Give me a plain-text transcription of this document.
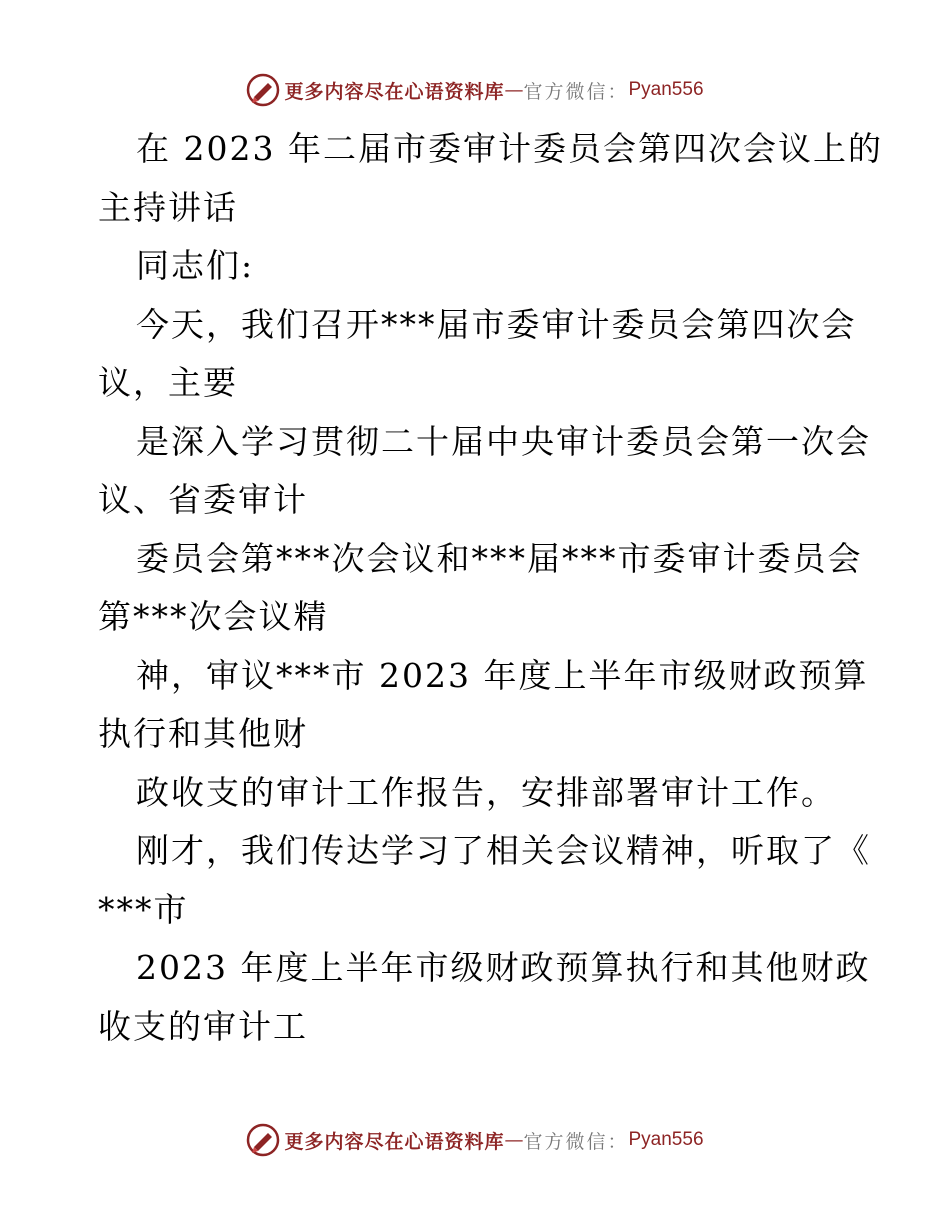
更多内容尽在心语资料库 — 官方微信： Pyan556
在 2023 年二届市委审计委员会第四次会议上的
主持讲话
同志们:
今天，我们召开***届市委审计委员会第四次会
议，主要
是深入学习贯彻二十届中央审计委员会第一次会
议、省委审计
委员会第***次会议和***届***市委审计委员会
第***次会议精
神，审议***市 2023 年度上半年市级财政预算
执行和其他财
政收支的审计工作报告，安排部署审计工作。
刚才，我们传达学习了相关会议精神，听取了《
***市
2023 年度上半年市级财政预算执行和其他财政
收支的审计工
更多内容尽在心语资料库 — 官方微信： Pyan556
